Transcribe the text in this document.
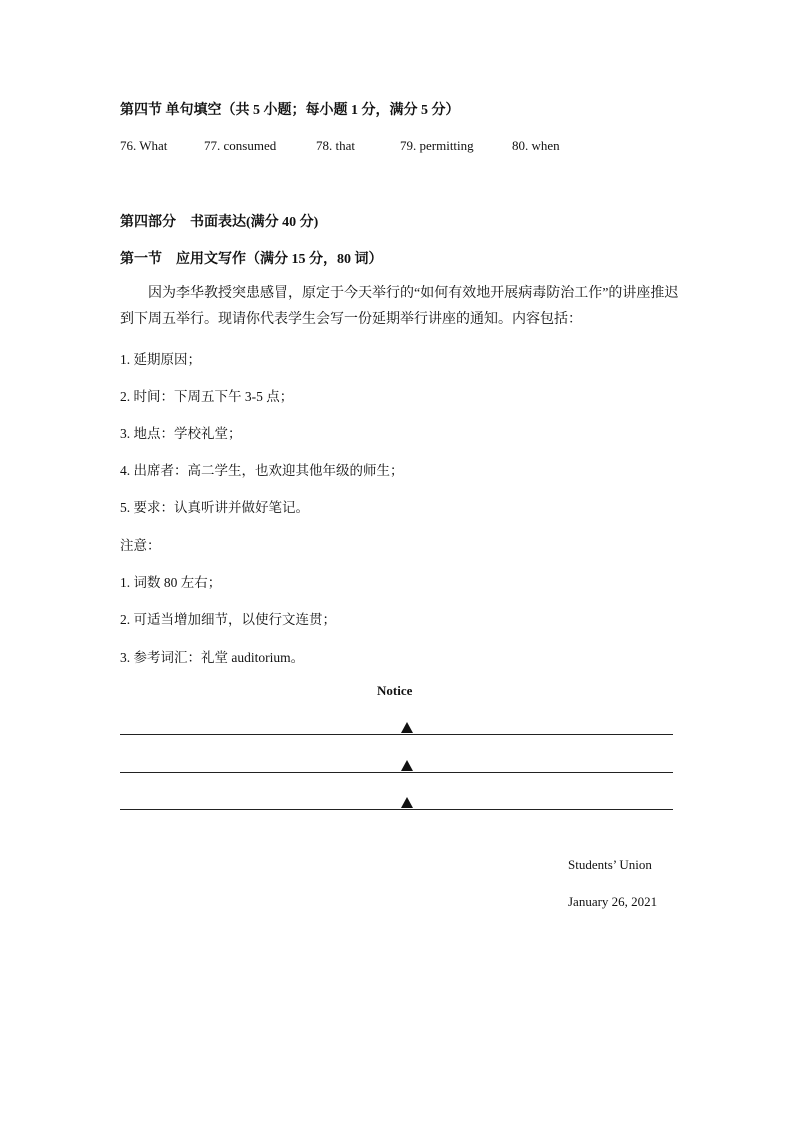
第四节 单句填空（共 5 小题；每小题 1 分，满分 5 分）
76. What	77. consumed	78. that	79. permitting	80. when
第四部分　书面表达(满分 40 分)
第一节　应用文写作（满分 15 分，80 词）
因为李华教授突患感冒，原定于今天举行的“如何有效地开展病毒防治工作”的讲座推迟到下周五举行。现请你代表学生会写一份延期举行讲座的通知。内容包括：
1. 延期原因；
2. 时间：下周五下午 3-5 点；
3. 地点：学校礼堂；
4. 出席者：高二学生，也欢迎其他年级的师生；
5. 要求：认真听讲并做好笔记。
注意：
1. 词数 80 左右；
2. 可适当增加细节，以使行文连贯；
3. 参考词汇：礼堂 auditorium。
Notice
Students’ Union
January 26, 2021
